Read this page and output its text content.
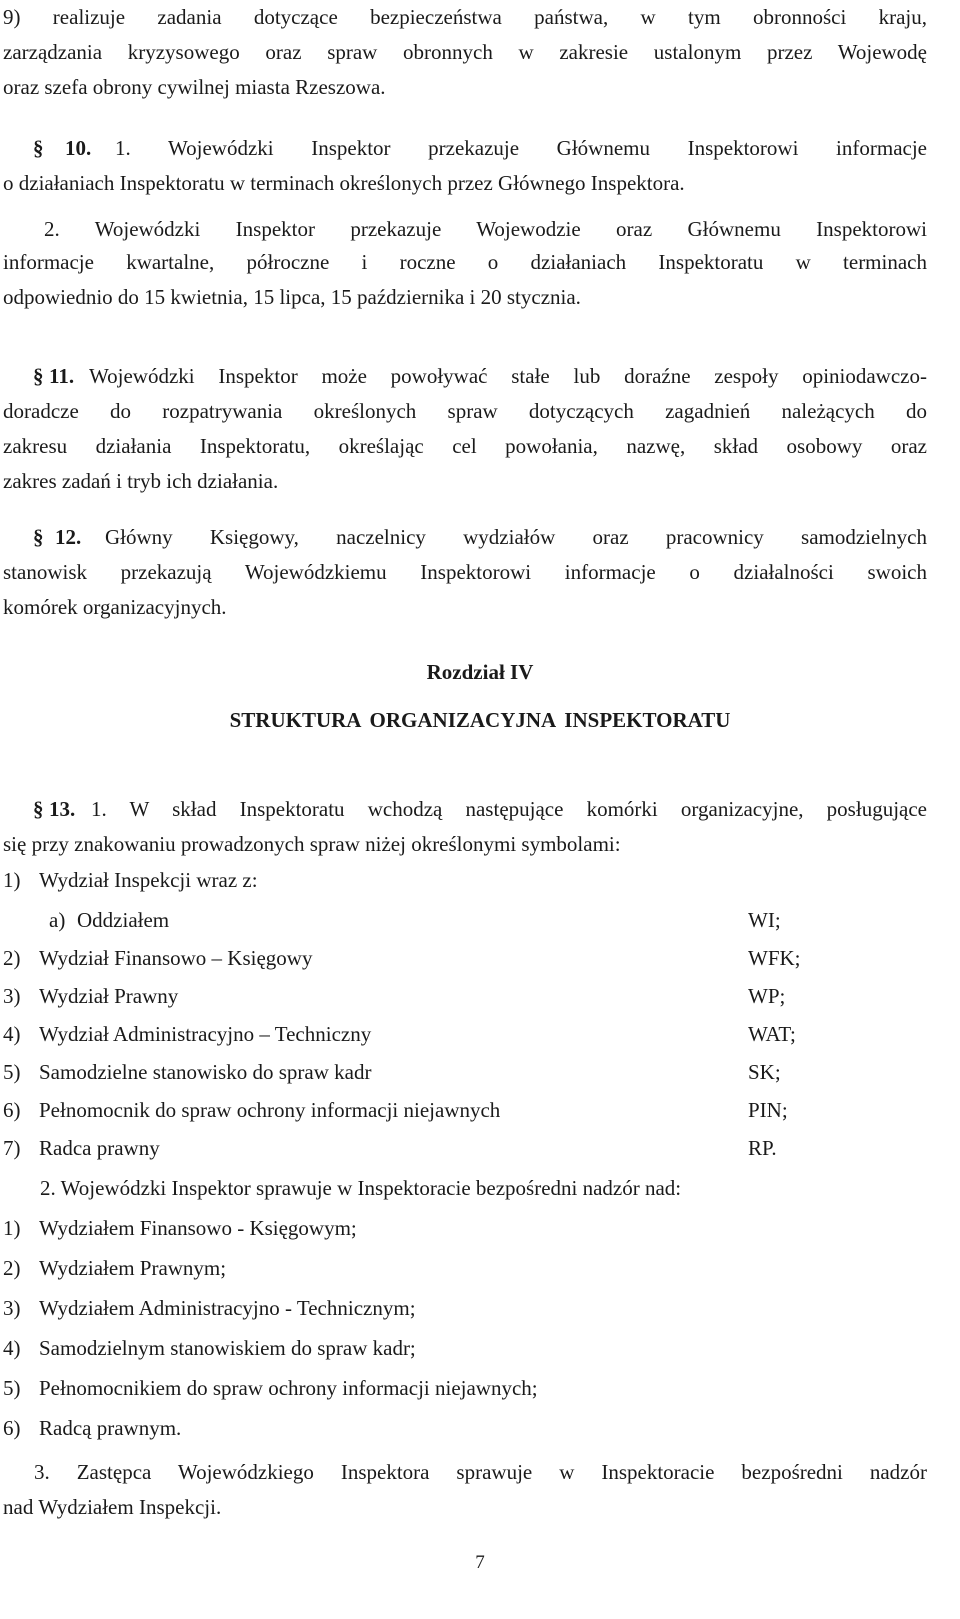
9) realizuje zadania dotyczące bezpieczeństwa państwa, w tym obronności kraju,
zarządzania kryzysowego oraz spraw obronnych w zakresie ustalonym przez Wojewodę
oraz szefa obrony cywilnej miasta Rzeszowa.
§ 10. 1. Wojewódzki Inspektor przekazuje Głównemu Inspektorowi informacje
o działaniach Inspektoratu w terminach określonych przez Głównego Inspektora.
2. Wojewódzki Inspektor przekazuje Wojewodzie oraz Głównemu Inspektorowi
informacje kwartalne, półroczne i roczne o działaniach Inspektoratu w terminach
odpowiednio do 15 kwietnia, 15 lipca, 15 października i 20 stycznia.
§ 11. Wojewódzki Inspektor może powoływać stałe lub doraźne zespoły opiniodawczo-
doradcze do rozpatrywania określonych spraw dotyczących zagadnień należących do
zakresu działania Inspektoratu, określając cel powołania, nazwę, skład osobowy oraz
zakres zadań i tryb ich działania.
§ 12. Główny Księgowy, naczelnicy wydziałów oraz pracownicy samodzielnych
stanowisk przekazują Wojewódzkiemu Inspektorowi informacje o działalności swoich
komórek organizacyjnych.
Rozdział IV
STRUKTURA ORGANIZACYJNA INSPEKTORATU
§ 13. 1. W skład Inspektoratu wchodzą następujące komórki organizacyjne, posługujące
się przy znakowaniu prowadzonych spraw niżej określonymi symbolami:
1) Wydział Inspekcji wraz z:
a) Oddziałem	WI;
2) Wydział Finansowo – Księgowy	WFK;
3) Wydział Prawny	WP;
4) Wydział Administracyjno – Techniczny	WAT;
5) Samodzielne stanowisko do spraw kadr	SK;
6) Pełnomocnik do spraw ochrony informacji niejawnych	PIN;
7) Radca prawny	RP.
2. Wojewódzki Inspektor sprawuje w Inspektoracie bezpośredni nadzór nad:
1) Wydziałem Finansowo - Księgowym;
2) Wydziałem Prawnym;
3) Wydziałem Administracyjno - Technicznym;
4) Samodzielnym stanowiskiem do spraw kadr;
5) Pełnomocnikiem do spraw ochrony informacji niejawnych;
6) Radcą prawnym.
3. Zastępca Wojewódzkiego Inspektora sprawuje w Inspektoracie bezpośredni nadzór
nad Wydziałem Inspekcji.
7
